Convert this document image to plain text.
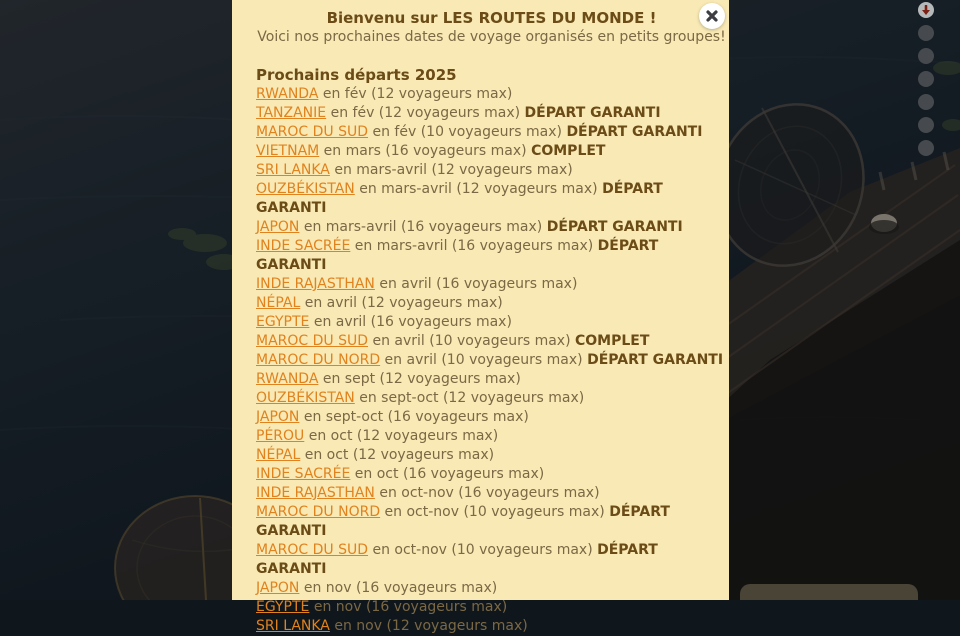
Bienvenu sur LES ROUTES DU MONDE !

Voici nos prochaines dates de voyage organisés en petits groupes!

Prochains départs 2025

RWANDA en fév (12 voyageurs max)

TANZANIE en fév (12 voyageurs max) DÉPART GARANTI

MAROC DU SUD en fév (10 voyageurs max) DÉPART GARANTI

VIETNAM en mars (16 voyageurs max) COMPLET

SRI LANKA en mars-avril (12 voyageurs max)

OUZBÉKISTAN en mars-avril (12 voyageurs max) DÉPART GARANTI

JAPON en mars-avril (16 voyageurs max) DÉPART GARANTI

INDE SACRÉE en mars-avril (16 voyageurs max) DÉPART GARANTI

INDE RAJASTHAN en avril (16 voyageurs max)

NÉPAL en avril (12 voyageurs max)

EGYPTE en avril (16 voyageurs max)

MAROC DU SUD en avril (10 voyageurs max) COMPLET

MAROC DU NORD en avril (10 voyageurs max) DÉPART GARANTI

RWANDA en sept (12 voyageurs max)

OUZBÉKISTAN en sept-oct (12 voyageurs max)

JAPON en sept-oct (16 voyageurs max)

PÉROU en oct (12 voyageurs max)

NÉPAL en oct (12 voyageurs max)

INDE SACRÉE en oct (16 voyageurs max)

INDE RAJASTHAN en oct-nov (16 voyageurs max)

MAROC DU NORD en oct-nov (10 voyageurs max) DÉPART GARANTI

MAROC DU SUD en oct-nov (10 voyageurs max) DÉPART GARANTI

JAPON en nov (16 voyageurs max)

EGYPTE en nov (16 voyageurs max)

SRI LANKA en nov (12 voyageurs max)
